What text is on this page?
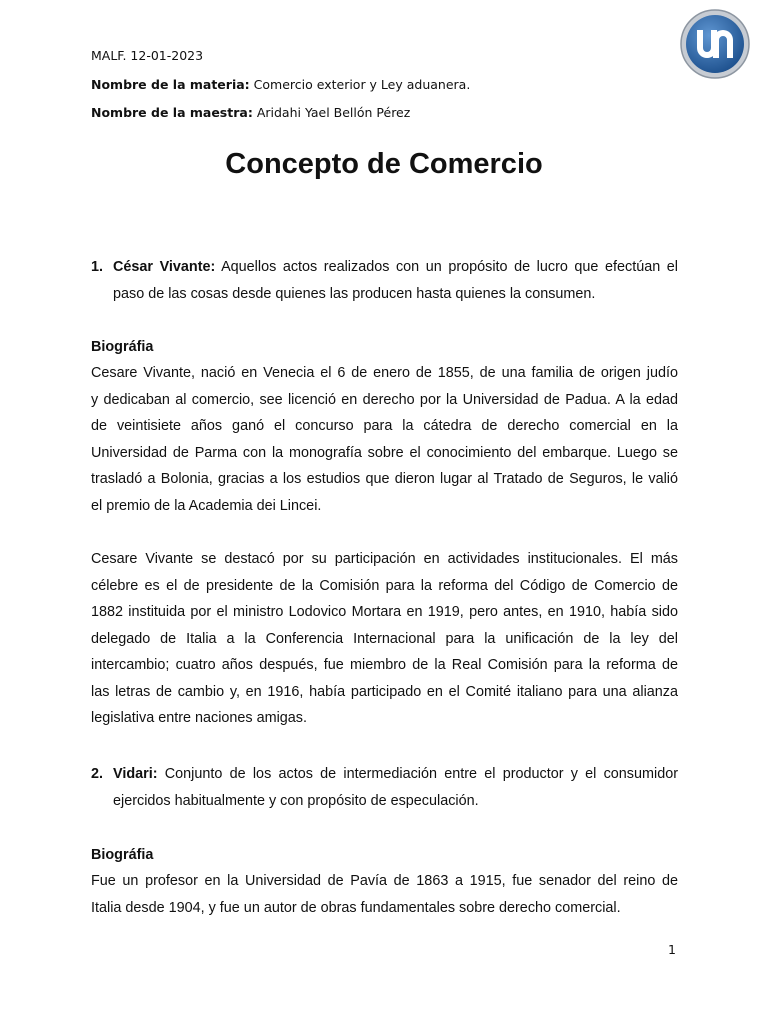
MALF. 12-01-2023
Nombre de la materia: Comercio exterior y Ley aduanera.
Nombre de la maestra: Aridahi Yael Bellón Pérez
Concepto de Comercio
1. César Vivante: Aquellos actos realizados con un propósito de lucro que efectúan el
paso de las cosas desde quienes las producen hasta quienes la consumen.
Biográfia
Cesare Vivante, nació en Venecia el 6 de enero de 1855, de una familia de origen judío
y dedicaban al comercio, see licenció en derecho por la Universidad de Padua. A la edad
de veintisiete años ganó el concurso para la cátedra de derecho comercial en la
Universidad de Parma con la monografía sobre el conocimiento del embarque. Luego se
trasladó a Bolonia, gracias a los estudios que dieron lugar al Tratado de Seguros, le valió
el premio de la Academia dei Lincei.
Cesare Vivante se destacó por su participación en actividades institucionales. El más
célebre es el de presidente de la Comisión para la reforma del Código de Comercio de
1882 instituida por el ministro Lodovico Mortara en 1919, pero antes, en 1910, había sido
delegado de Italia a la Conferencia Internacional para la unificación de la ley del
intercambio; cuatro años después, fue miembro de la Real Comisión para la reforma de
las letras de cambio y, en 1916, había participado en el Comité italiano para una alianza
legislativa entre naciones amigas.
2. Vidari: Conjunto de los actos de intermediación entre el productor y el consumidor
ejercidos habitualmente y con propósito de especulación.
Biográfia
Fue un profesor en la Universidad de Pavía de 1863 a 1915, fue senador del reino de
Italia desde 1904, y fue un autor de obras fundamentales sobre derecho comercial.
1
